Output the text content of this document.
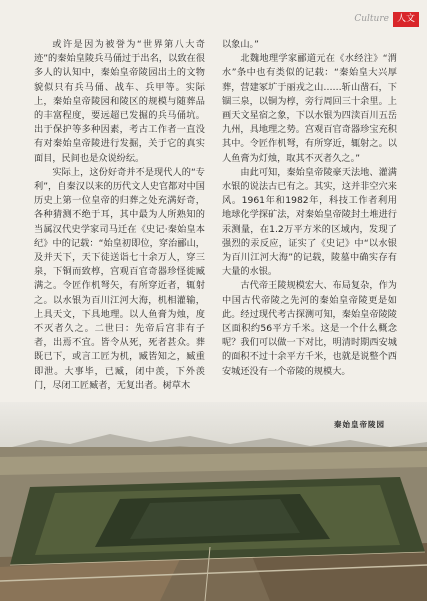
Culture 人文

或许是因为被誉为“世界第八大奇迹”的秦始皇陵兵马俑过于出名，以致在很多人的认知中，秦始皇帝陵园出土的文物貌似只有兵马俑、战车、兵甲等。实际上，秦始皇帝陵园和陵区的规模与随葬品的丰富程度，要远超已发掘的兵马俑坑。出于保护等多种因素，考古工作者一直没有对秦始皇帝陵进行发掘，关于它的真实面目，民间也是众说纷纭。

实际上，这份好奇并不是现代人的“专利”，自秦汉以来的历代文人史官都对中国历史上第一位皇帝的归葬之处充满好奇，各种猜测不绝于耳，其中最为人所熟知的当属汉代史学家司马迁在《史记·秦始皇本纪》中的记载：“始皇初即位，穿治郦山，及并天下，天下徒送诣七十余万人，穿三泉，下铜而致椁，宫观百官奇器珍怪徙臧满之。令匠作机弩矢，有所穿近者，辄射之。以水银为百川江河大海，机相灌输，上具天文，下具地理。以人鱼膏为烛，度不灭者久之。二世曰：先帝后宫非有子者，出焉不宜。皆令从死，死者甚众。葬既已下，或言工匠为机，臧皆知之，臧重即泄。大事毕，已臧，闭中羡，下外羡门，尽闭工匠臧者，无复出者。树草木

以象山。”

北魏地理学家郦道元在《水经注》“渭水”条中也有类似的记载：“秦始皇大兴厚葬，营建冢圹于丽戎之山……斩山凿石，下锢三泉，以铜为椁，旁行周回三十余里。上画天文星宿之象，下以水银为四渎百川五岳九州，具地理之势。宫观百官奇器珍宝充积其中。令匠作机弩，有所穿近，辄射之。以人鱼膏为灯烛，取其不灭者久之。”

由此可知，秦始皇帝陵豪天法地、灌满水银的说法古已有之。其实，这并非空穴来风。1961年和1982年，科技工作者利用地球化学探矿法，对秦始皇帝陵封土堆进行汞测量，在1.2万平方米的区域内，发现了强烈的汞反应，证实了《史记》中“以水银为百川江河大海”的记载，陵墓中确实存有大量的水银。

古代帝王陵规模宏大、布局复杂，作为中国古代帝陵之先河的秦始皇帝陵更是如此。经过现代考古探测可知，秦始皇帝陵陵区面积约56平方千米。这是一个什么概念呢？我们可以做一下对比，明清时期西安城的面积不过十余平方千米，也就是说整个西安城还没有一个帝陵的规模大。

秦始皇帝陵园
